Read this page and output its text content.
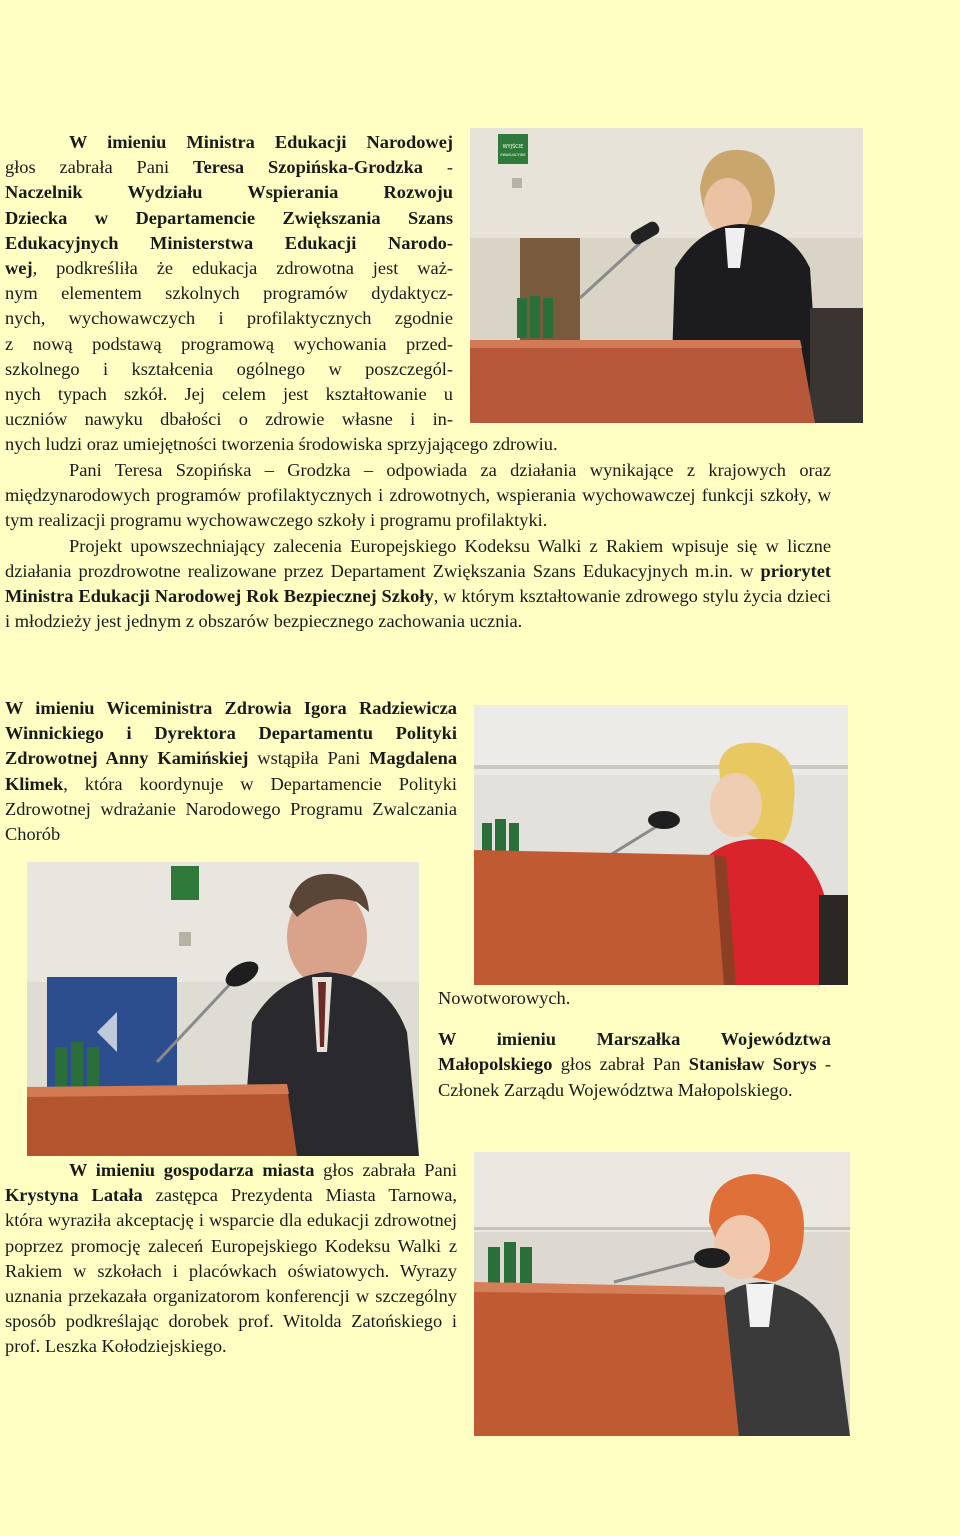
W imieniu Ministra Edukacji Narodowej

głos zabrała Pani Teresa Szopińska-Grodzka -

Naczelnik Wydziału Wspierania Rozwoju

Dziecka w Departamencie Zwiększania Szans

Edukacyjnych Ministerstwa Edukacji Narodo-

wej, podkreśliła że edukacja zdrowotna jest waż-

nym elementem szkolnych programów dydaktycz-

nych, wychowawczych i profilaktycznych zgodnie

z nową podstawą programową wychowania przed-

szkolnego i kształcenia ogólnego w poszczegól-

nych typach szkół. Jej celem jest kształtowanie u

uczniów nawyku dbałości o zdrowie własne i in-

nych ludzi oraz umiejętności tworzenia środowiska sprzyjającego zdrowiu.

Pani Teresa Szopińska – Grodzka – odpowiada za działania wynikające z krajowych oraz międzynarodowych programów profilaktycznych i zdrowotnych, wspierania wychowawczej funkcji szkoły, w tym realizacji programu wychowawczego szkoły i programu profilaktyki.

Projekt upowszechniający zalecenia Europejskiego Kodeksu Walki z Rakiem wpisuje się w liczne działania prozdrowotne realizowane przez Departament Zwiększania Szans Edukacyjnych m.in. w priorytet Ministra Edukacji Narodowej Rok Bezpiecznej Szkoły, w którym kształtowanie zdrowego stylu życia dzieci i młodzieży jest jednym z obszarów bezpiecznego zachowania ucznia.

W imieniu Wiceministra Zdrowia Igora Radziewicza Winnickiego i Dyrektora Departamentu Polityki Zdrowotnej Anny Kamińskiej wstąpiła Pani Magdalena Klimek, która koordynuje w Departamencie Polityki Zdrowotnej wdrażanie Narodowego Programu Zwalczania Chorób

Nowotworowych.

W imieniu Marszałka Województwa Małopolskiego głos zabrał Pan Stanisław Sorys - Członek Zarządu Województwa Małopolskiego.

W imieniu gospodarza miasta głos zabrała Pani Krystyna Latała zastępca Prezydenta Miasta Tarnowa, która wyraziła akceptację i wsparcie dla edukacji zdrowotnej poprzez promocję zaleceń Europejskiego Kodeksu Walki z Rakiem w szkołach i placówkach oświatowych. Wyrazy uznania przekazała organizatorom konferencji w szczególny sposób podkreślając dorobek prof. Witolda Zatońskiego i prof. Leszka Kołodziejskiego.

WYJŚCIE
EWAKUACYJNE
